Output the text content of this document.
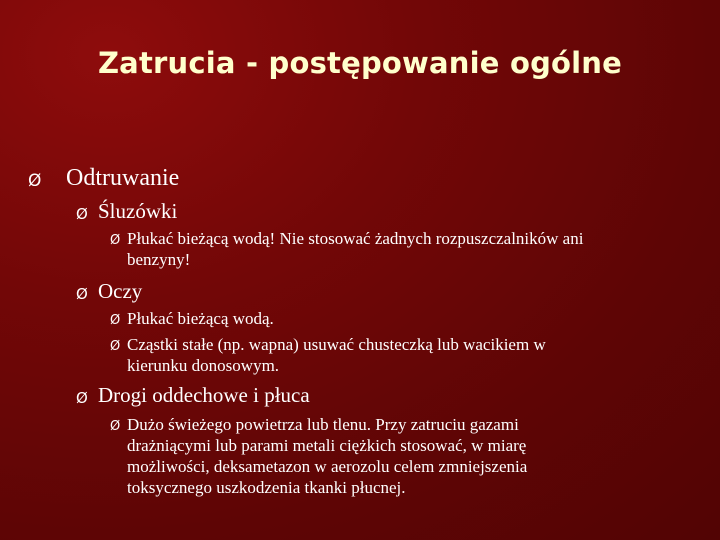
Zatrucia - postępowanie ogólne
Ø	Odtruwanie
Ø Śluzówki
Ø Płukać bieżącą wodą! Nie stosować żadnych rozpuszczalników ani
benzyny!
Ø Oczy
Ø Płukać bieżącą wodą.
Ø Cząstki stałe (np. wapna) usuwać chusteczką lub wacikiem w
kierunku donosowym.
Ø Drogi oddechowe i płuca
Ø Dużo świeżego powietrza lub tlenu. Przy zatruciu gazami
drażniącymi lub parami metali ciężkich stosować, w miarę
możliwości, deksametazon w aerozolu celem zmniejszenia
toksycznego uszkodzenia tkanki płucnej.
